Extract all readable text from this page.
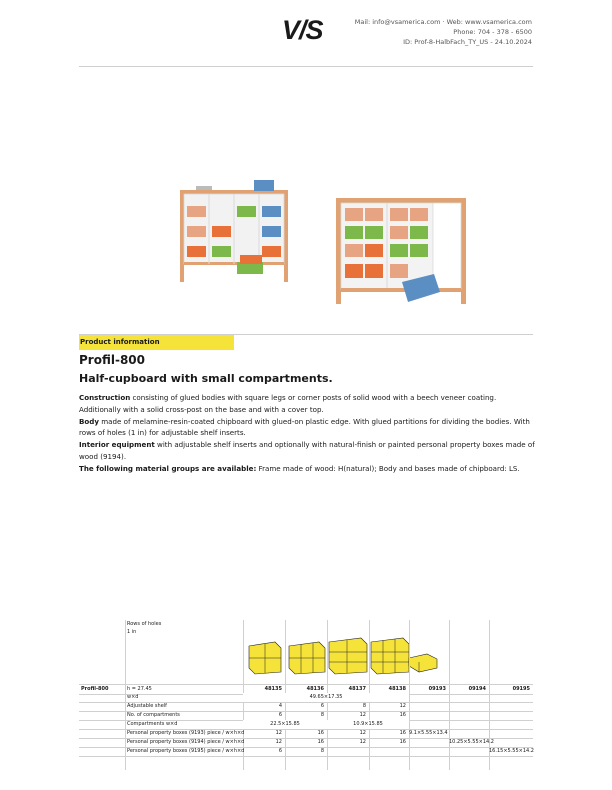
V/S	Mail: info@vsamerica.com · Web: www.vsamerica.com
Phone: 704 - 378 - 6500
ID: Prof-8-HalbFach_TY_US - 24.10.2024
Product information
Profil-800
Half-cupboard with small compartments.

Construction consisting of glued bodies with square legs or corner posts of solid wood with a beech veneer coating. Additionally with a solid cross-post on the base and with a cover top.

Body made of melamine-resin-coated chipboard with glued-on plastic edge. With glued partitions for dividing the bodies. With rows of holes (1 in) for adjustable shelf inserts.

Interior equipment with adjustable shelf inserts and optionally with natural-finish or painted personal property boxes made of wood (9194).

The following material groups are available: Frame made of wood: H(natural); Body and bases made of chipboard: LS.

Rows of holes
1 in
Profil-800	h = 27.45	48135	48136	48137	48138	09193	09194	09195
w×d	49.65×17.35
Adjustable shelf	4	6	8	12
No. of compartments	6	8	12	16
Compartments w×d	22.5×15.85	10.9×15.85
Personal property boxes (9193) piece / w×h×d	12	16	12	16 9.1×5.55×13.4
Personal property boxes (9194) piece / w×h×d	12	16	12	16	10.25×5.55×14.2
Personal property boxes (9195) piece / w×h×d	6	8	16.15×5.55×14.2
